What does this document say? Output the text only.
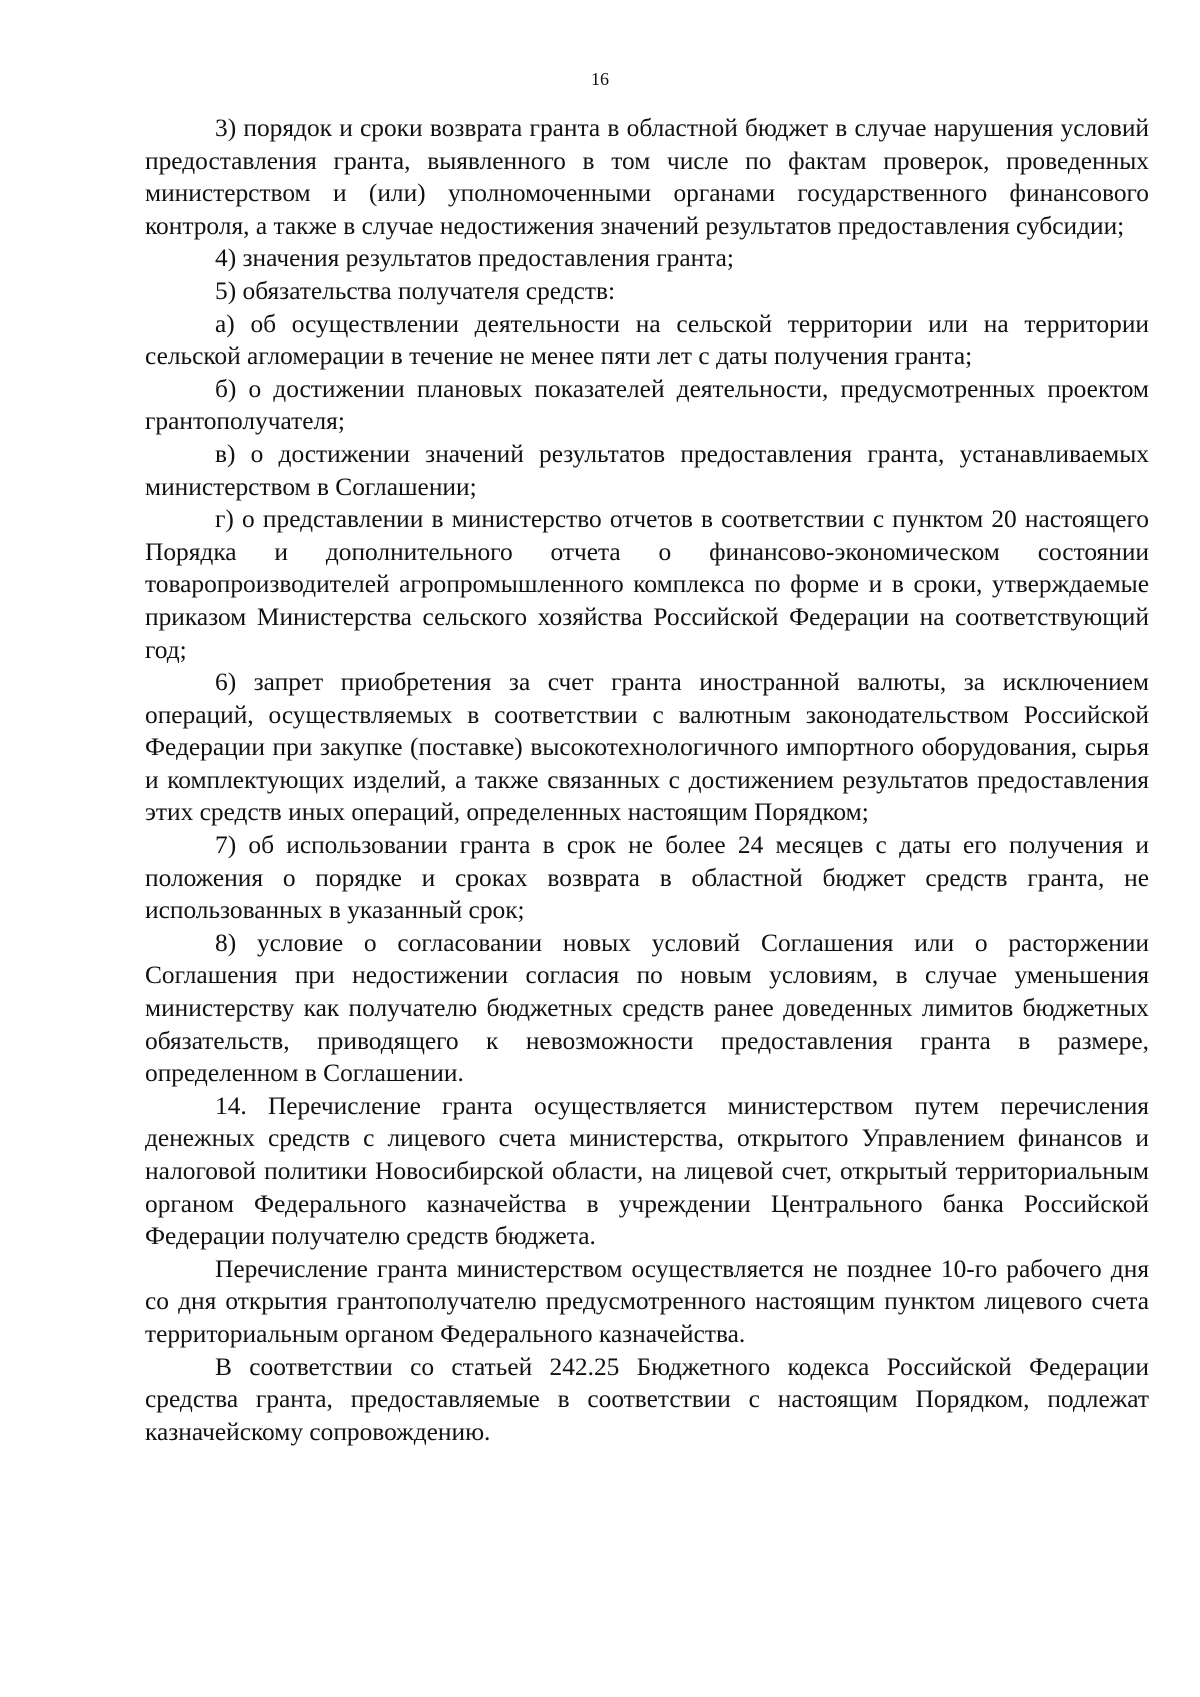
16

3) порядок и сроки возврата гранта в областной бюджет в случае нарушения условий предоставления гранта, выявленного в том числе по фактам проверок, проведенных министерством и (или) уполномоченными органами государственного финансового контроля, а также в случае недостижения значений результатов предоставления субсидии;

4) значения результатов предоставления гранта;

5) обязательства получателя средств:

а) об осуществлении деятельности на сельской территории или на территории сельской агломерации в течение не менее пяти лет с даты получения гранта;

б) о достижении плановых показателей деятельности, предусмотренных проектом грантополучателя;

в) о достижении значений результатов предоставления гранта, устанавливаемых министерством в Соглашении;

г) о представлении в министерство отчетов в соответствии с пунктом 20 настоящего Порядка и дополнительного отчета о финансово-экономическом состоянии товаропроизводителей агропромышленного комплекса по форме и в сроки, утверждаемые приказом Министерства сельского хозяйства Российской Федерации на соответствующий год;

6) запрет приобретения за счет гранта иностранной валюты, за исключением операций, осуществляемых в соответствии с валютным законодательством Российской Федерации при закупке (поставке) высокотехнологичного импортного оборудования, сырья и комплектующих изделий, а также связанных с достижением результатов предоставления этих средств иных операций, определенных настоящим Порядком;

7) об использовании гранта в срок не более 24 месяцев с даты его получения и положения о порядке и сроках возврата в областной бюджет средств гранта, не использованных в указанный срок;

8) условие о согласовании новых условий Соглашения или о расторжении Соглашения при недостижении согласия по новым условиям, в случае уменьшения министерству как получателю бюджетных средств ранее доведенных лимитов бюджетных обязательств, приводящего к невозможности предоставления гранта в размере, определенном в Соглашении.

14. Перечисление гранта осуществляется министерством путем перечисления денежных средств с лицевого счета министерства, открытого Управлением финансов и налоговой политики Новосибирской области, на лицевой счет, открытый территориальным органом Федерального казначейства в учреждении Центрального банка Российской Федерации получателю средств бюджета.

Перечисление гранта министерством осуществляется не позднее 10-го рабочего дня со дня открытия грантополучателю предусмотренного настоящим пунктом лицевого счета территориальным органом Федерального казначейства.

В соответствии со статьей 242.25 Бюджетного кодекса Российской Федерации средства гранта, предоставляемые в соответствии с настоящим Порядком, подлежат казначейскому сопровождению.
